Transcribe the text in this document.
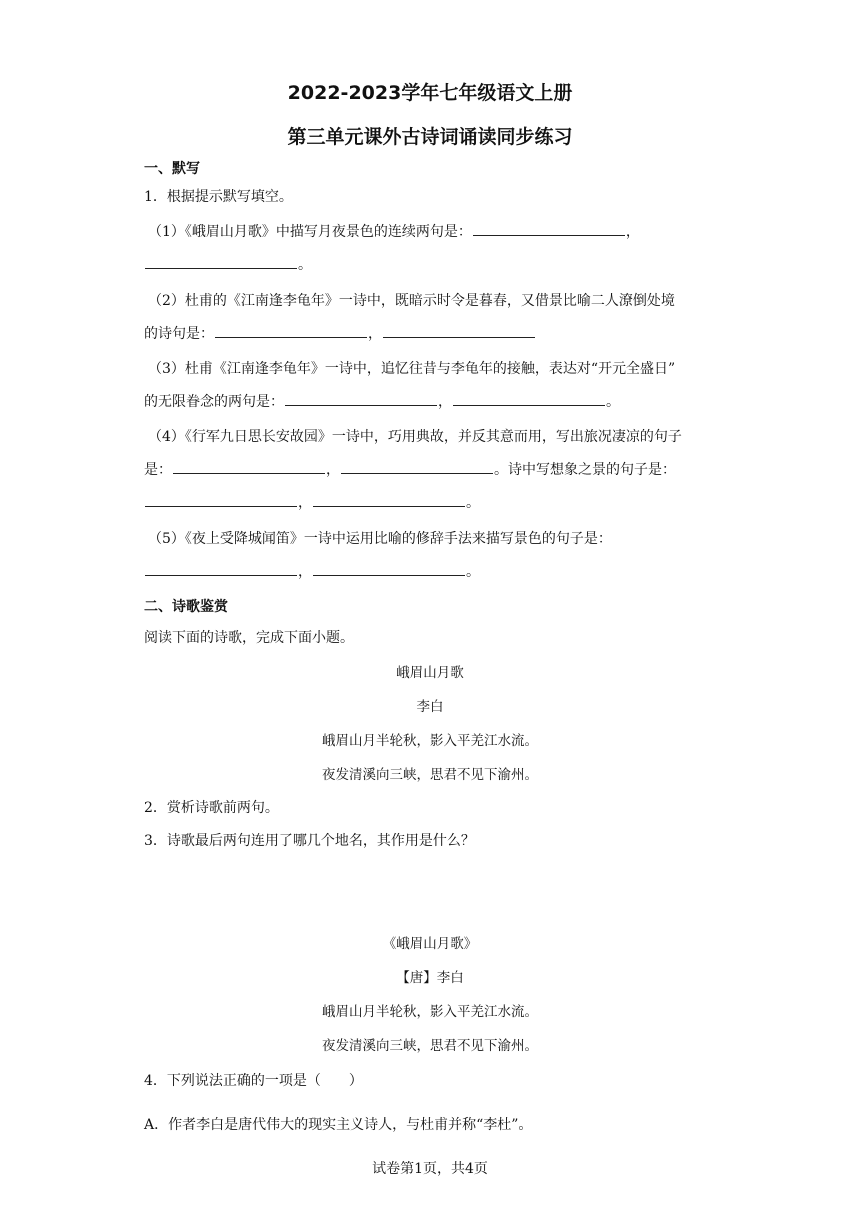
2022-2023学年七年级语文上册
第三单元课外古诗词诵读同步练习
一、默写
1．根据提示默写填空。
（1）《峨眉山月歌》中描写月夜景色的连续两句是：	，
。
（2）杜甫的《江南逢李龟年》一诗中，既暗示时令是暮春，又借景比喻二人潦倒处境
的诗句是：	，
（3）杜甫《江南逢李龟年》一诗中，追忆往昔与李龟年的接触，表达对“开元全盛日”
的无限眷念的两句是：	，	。
（4）《行军九日思长安故园》一诗中，巧用典故，并反其意而用，写出旅况凄凉的句子
是：	，	。诗中写想象之景的句子是：
，	。
（5）《夜上受降城闻笛》一诗中运用比喻的修辞手法来描写景色的句子是：
，	。
二、诗歌鉴赏
阅读下面的诗歌，完成下面小题。
峨眉山月歌
李白
峨眉山月半轮秋，影入平羌江水流。
夜发清溪向三峡，思君不见下渝州。
2．赏析诗歌前两句。
3．诗歌最后两句连用了哪几个地名，其作用是什么？
《峨眉山月歌》
【唐】李白
峨眉山月半轮秋，影入平羌江水流。
夜发清溪向三峡，思君不见下渝州。
4．下列说法正确的一项是（　　）
A．作者李白是唐代伟大的现实主义诗人，与杜甫并称“李杜”。
试卷第1页，共4页
